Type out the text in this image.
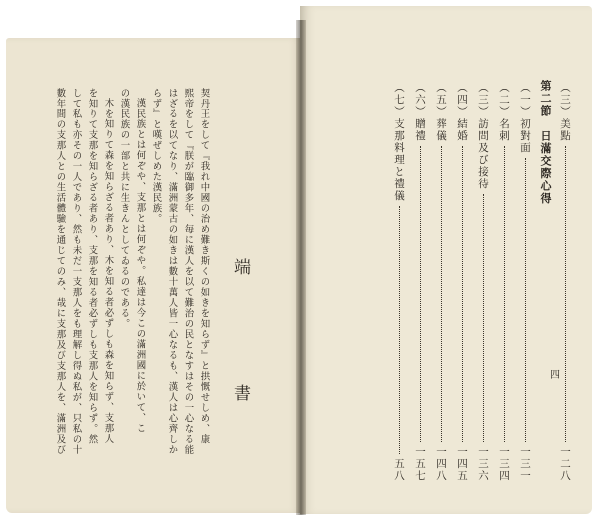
端　書
契丹王をして『我れ中國の治め難き斯くの如きを知らず』と拱慨せしめ、康
熙帝をして『朕が臨御多年、毎に漢人を以て難治の民となすはその一心なる能
はざるを以てなり、滿洲蒙古の如きは數十萬人皆一心なるも、漢人は心齊しか
らず』と嘆ぜしめた漢民族。
漢民族とは何ぞや、支那とは何ぞや。私達は今この滿洲國に於いて、こ
の漢民族の一部と共に生きんとしてゐるのである。
木を知りて森を知らざる者あり、木を知る者必ずしも森を知らず、支那人
を知りて支那を知らざる者あり、支那を知る者必ずしも支那人を知らず。然
して私も亦その一人であり、然も未だ一支那人をも理解し得ぬ私が、只私の十
數年間の支那人との生活體驗を通じてのみ、哉に支那及び支那人を、滿洲及び	（三）美點
一二八
第二節　日滿交際心得
（一）初對面
一三一
（二）名刺
一三四
（三）訪問及び接待
一三六
（四）結婚
一四五
（五）葬儀
一四八
（六）贈禮
一五七
（七）支那料理と禮儀
五八
四
